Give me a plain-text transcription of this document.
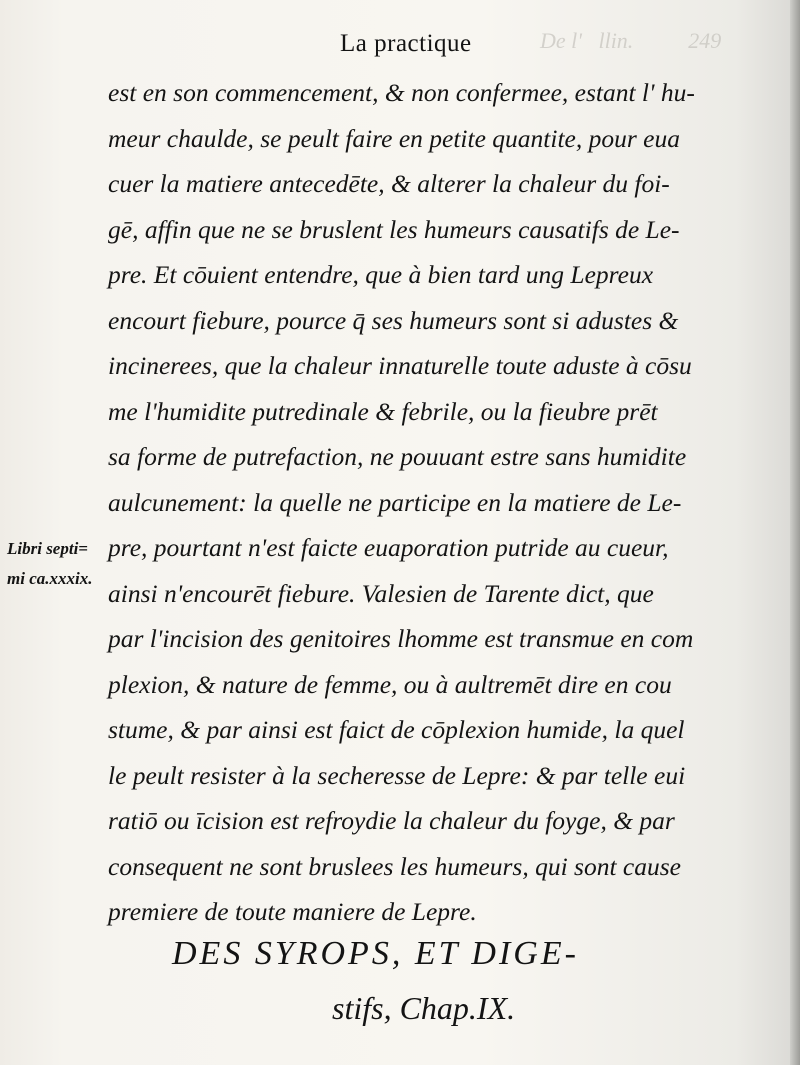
De l'   llin.          249
La practique
est en son commencement, & non confermee, estant l' hu-
meur chaulde, se peult faire en petite quantite, pour eua
cuer la matiere antecedēte, & alterer la chaleur du foi-
gē, affin que ne se bruslent les humeurs causatifs de Le-
pre. Et cōuient entendre, que à bien tard ung Lepreux
encourt fiebure, pource q̄ ses humeurs sont si adustes &
incinerees, que la chaleur innaturelle toute aduste à cōsu
me l'humidite putredinale & febrile, ou la fieubre prēt
sa forme de putrefaction, ne pouuant estre sans humidite
aulcunement: la quelle ne participe en la matiere de Le-
pre, pourtant n'est faicte euaporation putride au cueur,
ainsi n'encourēt fiebure. Valesien de Tarente dict, que
par l'incision des genitoires lhomme est transmue en com
plexion, & nature de femme, ou à aultremēt dire en cou
stume, & par ainsi est faict de cōplexion humide, la quel
le peult resister à la secheresse de Lepre: & par telle eui
ratiō ou īcision est refroydie la chaleur du foyge, & par
consequent ne sont bruslees les humeurs, qui sont cause
premiere de toute maniere de Lepre.
Libri septi=
mi ca.xxxix.
DES SYROPS, ET DIGE-
stifs, Chap.IX.
